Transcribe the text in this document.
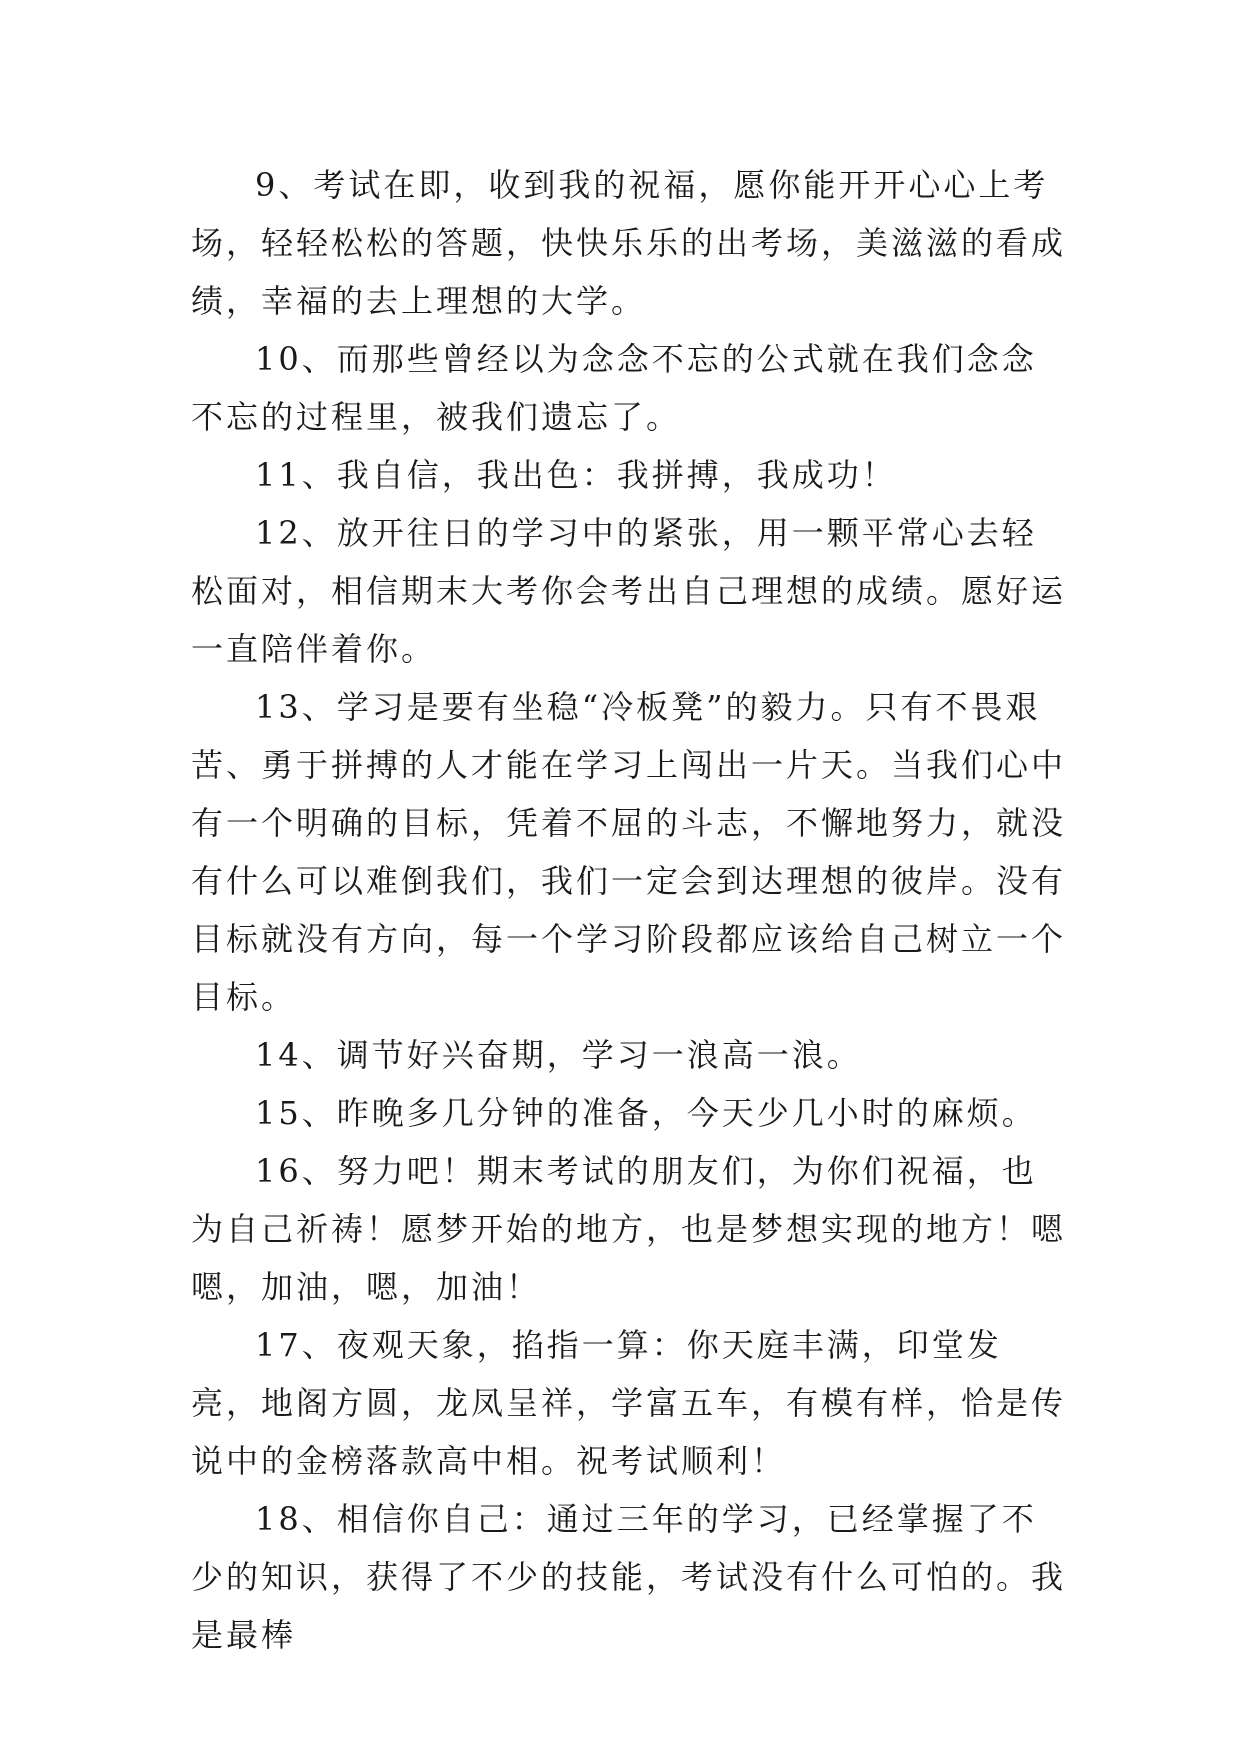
9、考试在即，收到我的祝福，愿你能开开心心上考场，轻轻松松的答题，快快乐乐的出考场，美滋滋的看成绩，幸福的去上理想的大学。

10、而那些曾经以为念念不忘的公式就在我们念念不忘的过程里，被我们遗忘了。

11、我自信，我出色：我拼搏，我成功！

12、放开往日的学习中的紧张，用一颗平常心去轻松面对，相信期末大考你会考出自己理想的成绩。愿好运一直陪伴着你。

13、学习是要有坐稳“冷板凳”的毅力。只有不畏艰苦、勇于拼搏的人才能在学习上闯出一片天。当我们心中有一个明确的目标，凭着不屈的斗志，不懈地努力，就没有什么可以难倒我们，我们一定会到达理想的彼岸。没有目标就没有方向，每一个学习阶段都应该给自己树立一个目标。

14、调节好兴奋期，学习一浪高一浪。

15、昨晚多几分钟的准备，今天少几小时的麻烦。

16、努力吧！期末考试的朋友们，为你们祝福，也为自己祈祷！愿梦开始的地方，也是梦想实现的地方！嗯嗯，加油，嗯，加油！

17、夜观天象，掐指一算：你天庭丰满，印堂发亮，地阁方圆，龙凤呈祥，学富五车，有模有样，恰是传说中的金榜落款高中相。祝考试顺利！

18、相信你自己：通过三年的学习，已经掌握了不少的知识，获得了不少的技能，考试没有什么可怕的。我是最棒
